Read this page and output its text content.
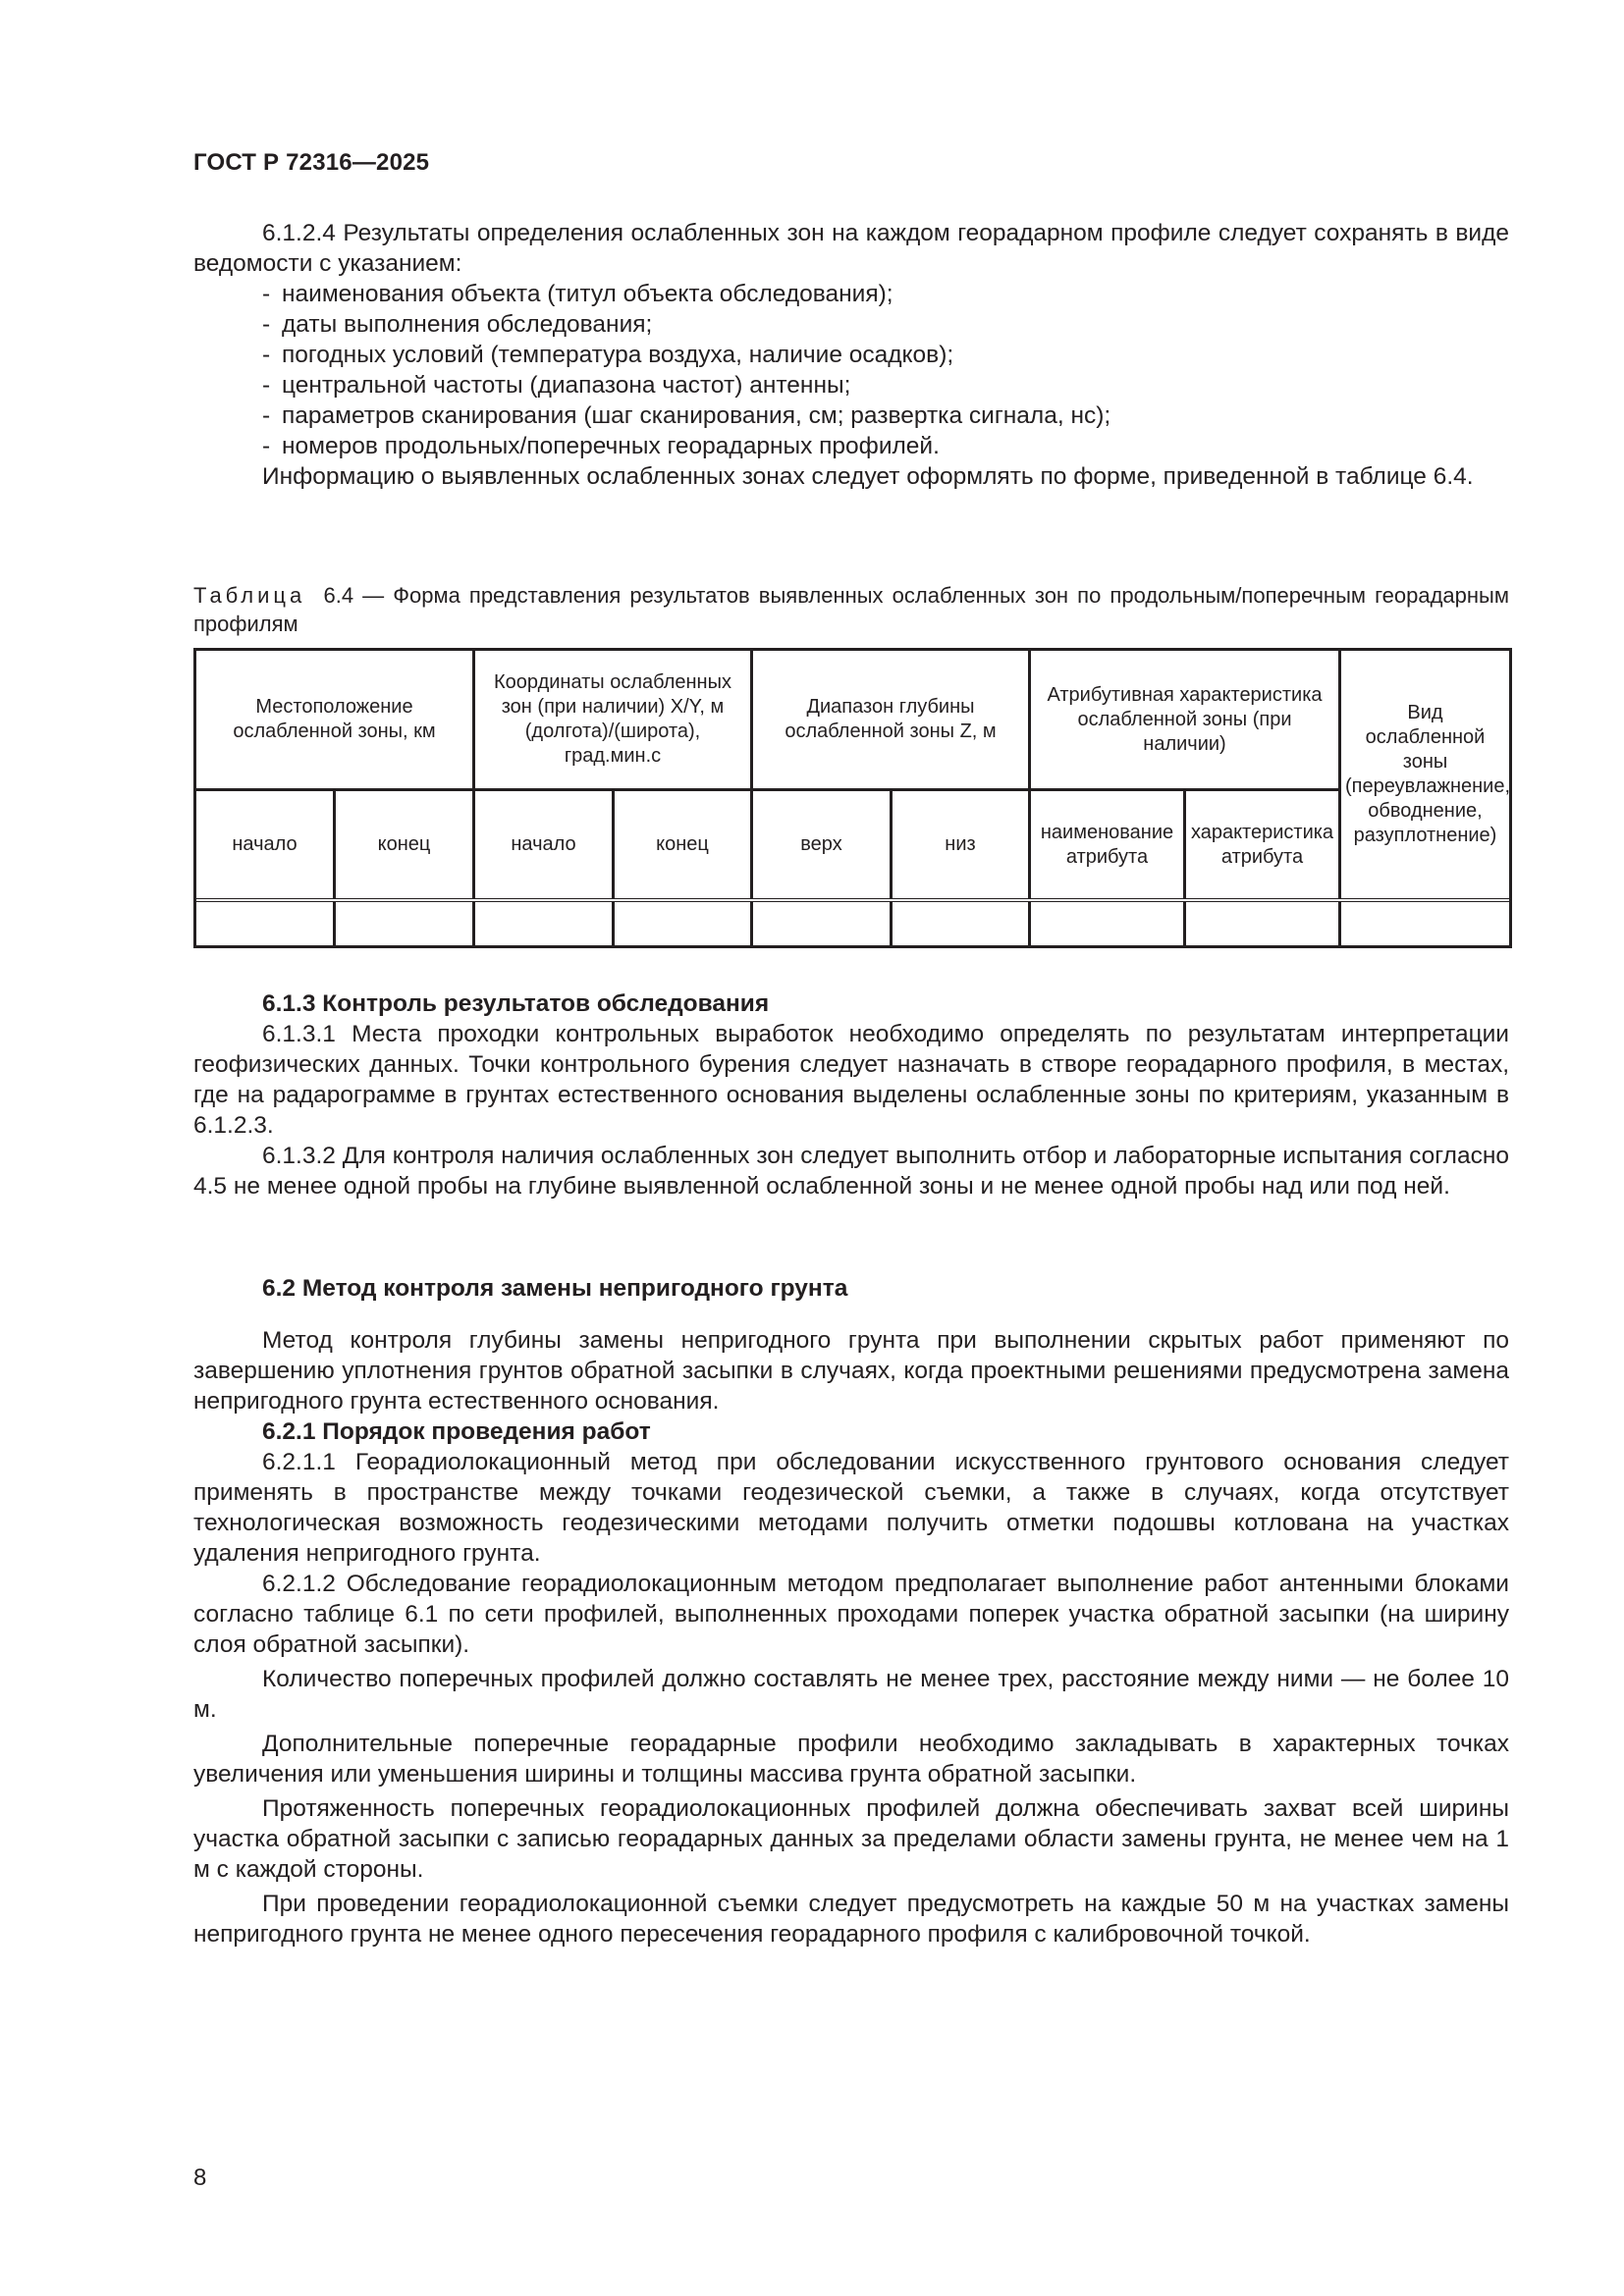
ГОСТ Р 72316—2025

6.1.2.4 Результаты определения ослабленных зон на каждом георадарном профиле следует сохранять в виде ведомости с указанием:

- наименования объекта (титул объекта обследования);

- даты выполнения обследования;

- погодных условий (температура воздуха, наличие осадков);

- центральной частоты (диапазона частот) антенны;

- параметров сканирования (шаг сканирования, см; развертка сигнала, нс);

- номеров продольных/поперечных георадарных профилей.

Информацию о выявленных ослабленных зонах следует оформлять по форме, приведенной в таблице 6.4.

Таблица 6.4 — Форма представления результатов выявленных ослабленных зон по продольным/поперечным георадарным профилям
Местоположение ослабленной зоны, км		Координаты ослабленных зон (при наличии) X/Y, м (долгота)/(широта), град.мин.с		Диапазон глубины ослабленной зоны Z, м		Атрибутивная характеристика ослабленной зоны (при наличии)		Вид ослабленной зоны (переувлажнение, обводнение, разуплотнение)
начало	конец	начало	конец	верх	низ	наименование атрибута	характеристика атрибута	

6.1.3 Контроль результатов обследования

6.1.3.1 Места проходки контрольных выработок необходимо определять по результатам интерпретации геофизических данных. Точки контрольного бурения следует назначать в створе георадарного профиля, в местах, где на радарограмме в грунтах естественного основания выделены ослабленные зоны по критериям, указанным в 6.1.2.3.

6.1.3.2 Для контроля наличия ослабленных зон следует выполнить отбор и лабораторные испытания согласно 4.5 не менее одной пробы на глубине выявленной ослабленной зоны и не менее одной пробы над или под ней.

6.2 Метод контроля замены непригодного грунта

Метод контроля глубины замены непригодного грунта при выполнении скрытых работ применяют по завершению уплотнения грунтов обратной засыпки в случаях, когда проектными решениями предусмотрена замена непригодного грунта естественного основания.

6.2.1 Порядок проведения работ

6.2.1.1 Георадиолокационный метод при обследовании искусственного грунтового основания следует применять в пространстве между точками геодезической съемки, а также в случаях, когда отсутствует технологическая возможность геодезическими методами получить отметки подошвы котлована на участках удаления непригодного грунта.

6.2.1.2 Обследование георадиолокационным методом предполагает выполнение работ антенными блоками согласно таблице 6.1 по сети профилей, выполненных проходами поперек участка обратной засыпки (на ширину слоя обратной засыпки).

Количество поперечных профилей должно составлять не менее трех, расстояние между ними — не более 10 м.

Дополнительные поперечные георадарные профили необходимо закладывать в характерных точках увеличения или уменьшения ширины и толщины массива грунта обратной засыпки.

Протяженность поперечных георадиолокационных профилей должна обеспечивать захват всей ширины участка обратной засыпки с записью георадарных данных за пределами области замены грунта, не менее чем на 1 м с каждой стороны.

При проведении георадиолокационной съемки следует предусмотреть на каждые 50 м на участках замены непригодного грунта не менее одного пересечения георадарного профиля с калибровочной точкой.

8
